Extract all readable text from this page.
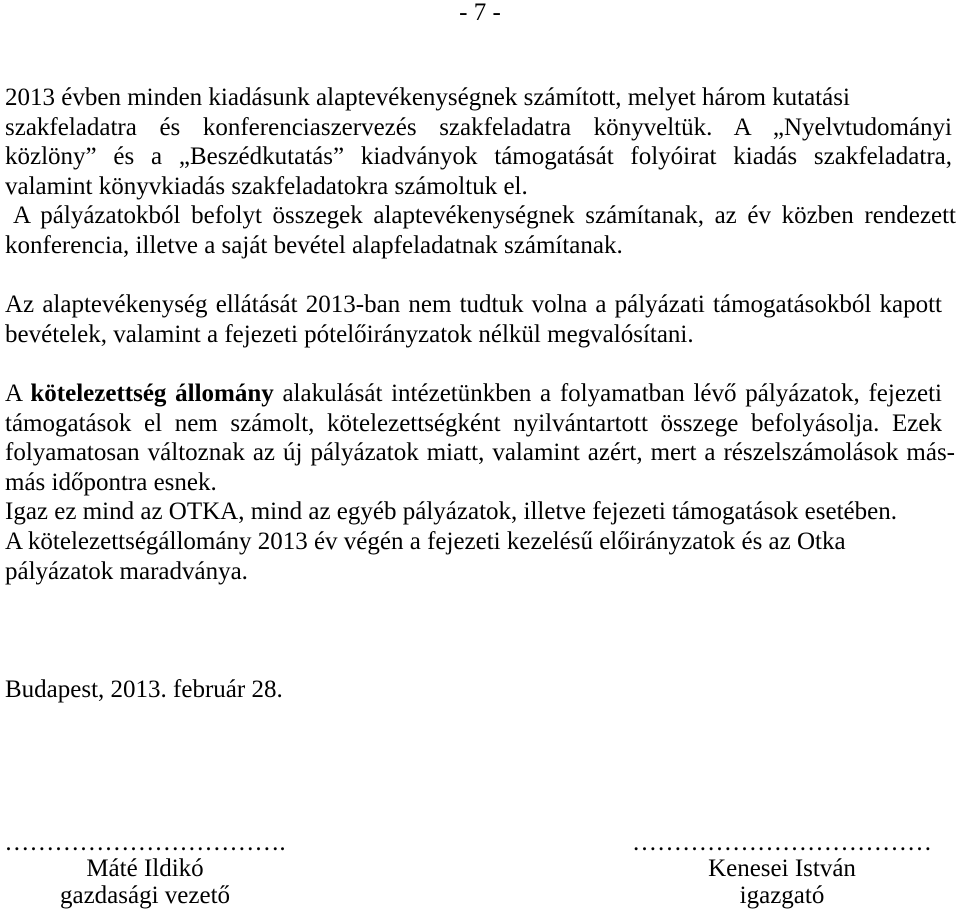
- 7 -
2013 évben minden kiadásunk alaptevékenységnek számított, melyet három kutatási
szakfeladatra és konferenciaszervezés szakfeladatra könyveltük. A „Nyelvtudományi
közlöny” és a „Beszédkutatás” kiadványok támogatását folyóirat kiadás szakfeladatra,
valamint könyvkiadás szakfeladatokra számoltuk el.
A pályázatokból befolyt összegek alaptevékenységnek számítanak, az év közben rendezett
konferencia, illetve a saját bevétel alapfeladatnak számítanak.
Az alaptevékenység ellátását 2013-ban nem tudtuk volna a pályázati támogatásokból kapott
bevételek, valamint a fejezeti pótelőirányzatok nélkül megvalósítani.
A kötelezettség állomány alakulását intézetünkben a folyamatban lévő pályázatok, fejezeti
támogatások el nem számolt, kötelezettségként nyilvántartott összege befolyásolja. Ezek
folyamatosan változnak az új pályázatok miatt, valamint azért, mert a részelszámolások más-
más időpontra esnek.
Igaz ez mind az OTKA, mind az egyéb pályázatok, illetve fejezeti támogatások esetében.
A kötelezettségállomány 2013 év végén a fejezeti kezelésű előirányzatok és az Otka
pályázatok maradványa.
Budapest, 2013. február 28.
…………………………….
Máté Ildikó
gazdasági vezető
………………………………
Kenesei István
igazgató
